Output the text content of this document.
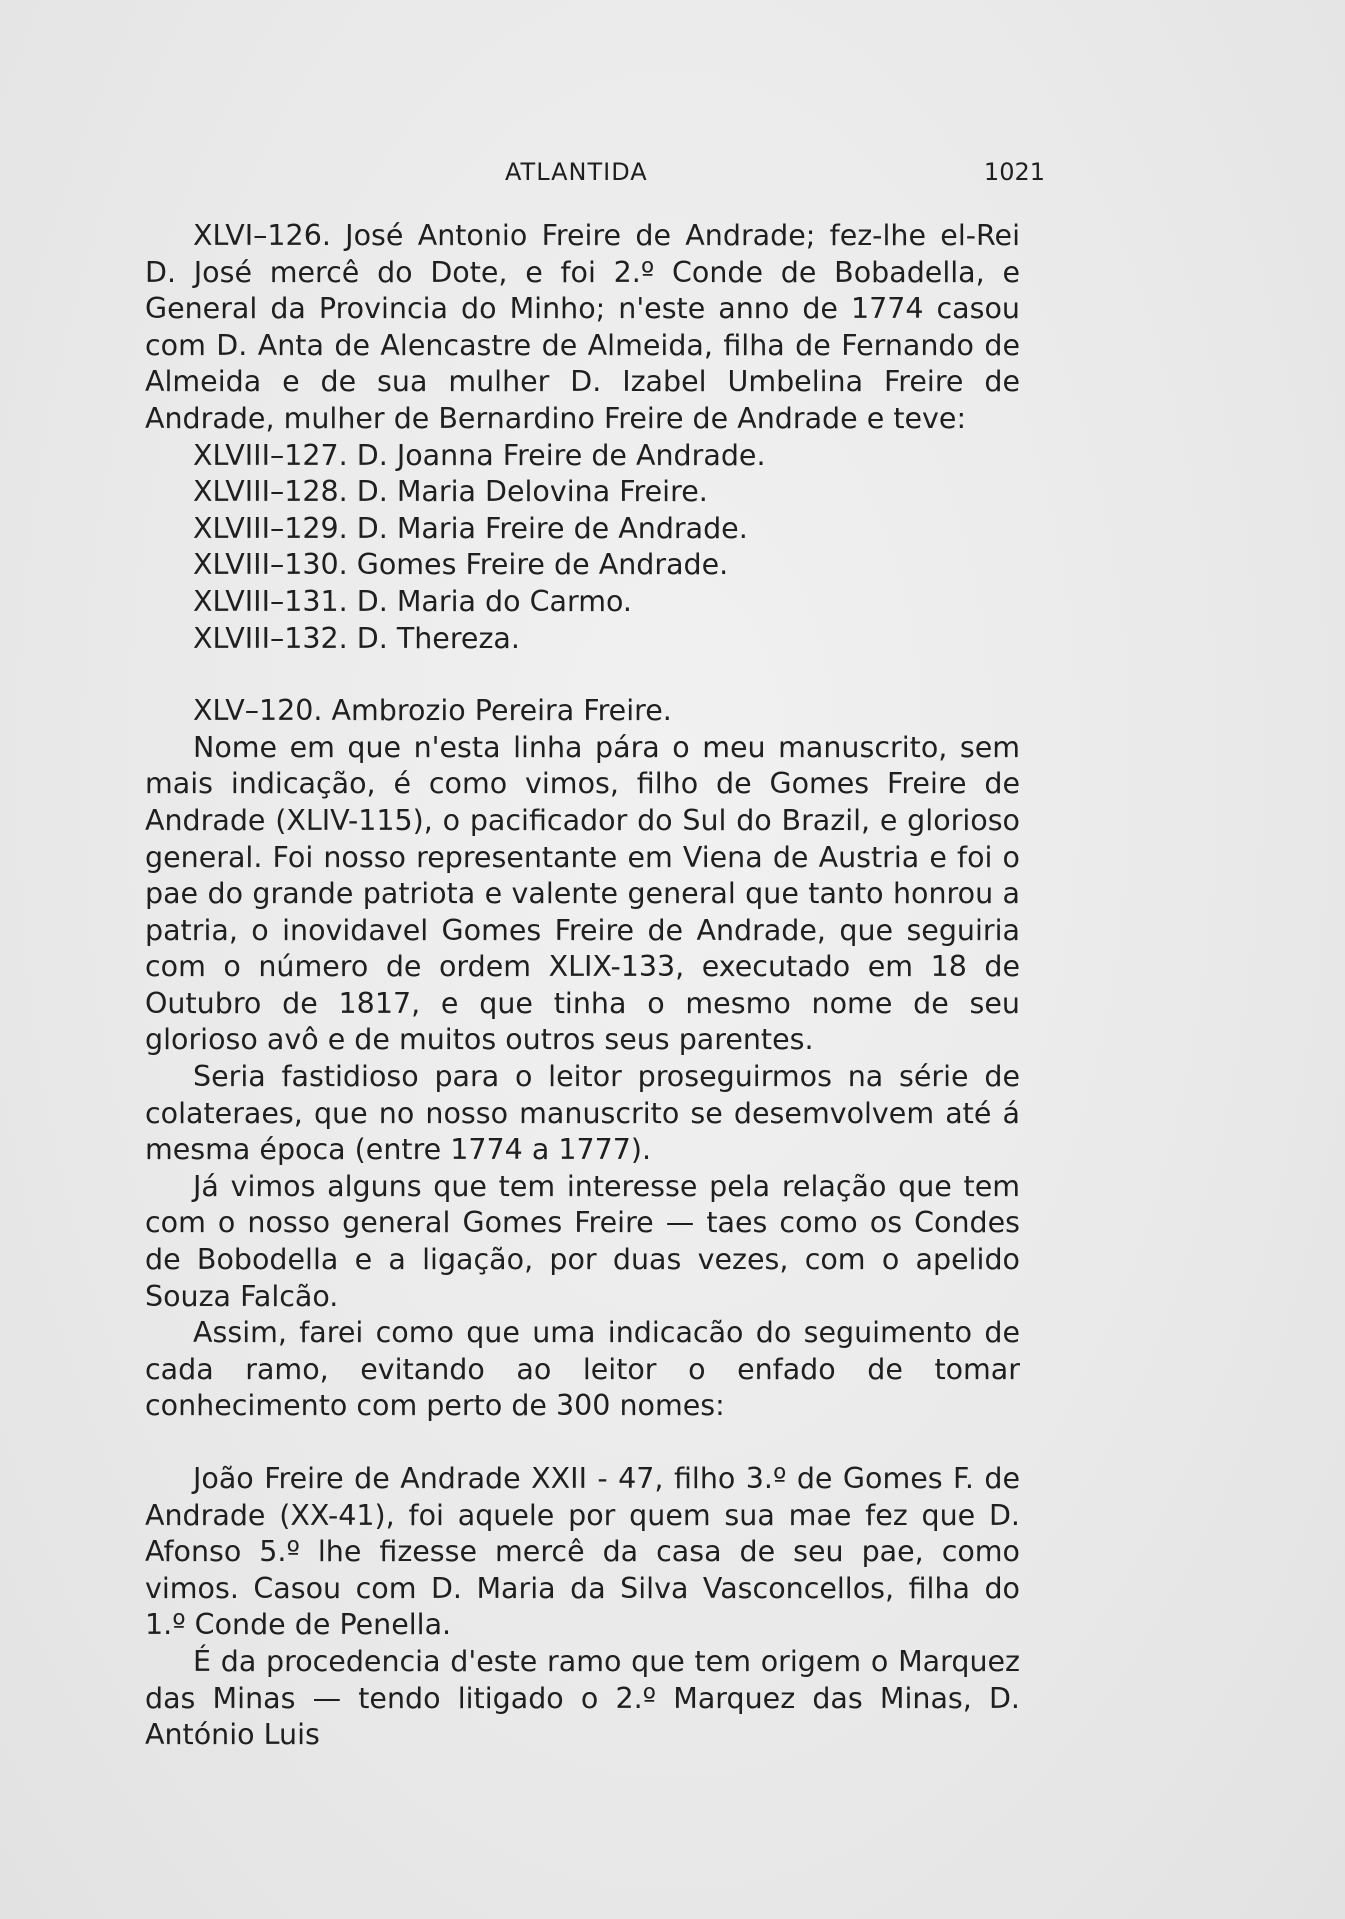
ATLANTIDA	1021

XLVI–126. José Antonio Freire de Andrade; fez-lhe el-Rei D. José mercê do Dote, e foi 2.º Conde de Bobadella, e General da Provincia do Minho; n'este anno de 1774 casou com D. Anta de Alencastre de Almeida, filha de Fernando de Almeida e de sua mulher D. Izabel Umbelina Freire de Andrade, mulher de Bernardino Freire de Andrade e teve:

XLVIII–127. D. Joanna Freire de Andrade.

XLVIII–128. D. Maria Delovina Freire.

XLVIII–129. D. Maria Freire de Andrade.

XLVIII–130. Gomes Freire de Andrade.

XLVIII–131. D. Maria do Carmo.

XLVIII–132. D. Thereza.

XLV–120. Ambrozio Pereira Freire.

Nome em que n'esta linha pára o meu manuscrito, sem mais indicação, é como vimos, filho de Gomes Freire de Andrade (XLIV-115), o pacificador do Sul do Brazil, e glorioso general. Foi nosso representante em Viena de Austria e foi o pae do grande patriota e valente general que tanto honrou a patria, o inovidavel Gomes Freire de Andrade, que seguiria com o número de ordem XLIX-133, executado em 18 de Outubro de 1817, e que tinha o mesmo nome de seu glorioso avô e de muitos outros seus parentes.

Seria fastidioso para o leitor proseguirmos na série de colateraes, que no nosso manuscrito se desemvolvem até á mesma época (entre 1774 a 1777).

Já vimos alguns que tem interesse pela relação que tem com o nosso general Gomes Freire — taes como os Condes de Bobodella e a ligação, por duas vezes, com o apelido Souza Falcão.

Assim, farei como que uma indicacão do seguimento de cada ramo, evitando ao leitor o enfado de tomar conhecimento com perto de 300 nomes:

João Freire de Andrade XXII - 47, filho 3.º de Gomes F. de Andrade (XX-41), foi aquele por quem sua mae fez que D. Afonso 5.º lhe fizesse mercê da casa de seu pae, como vimos. Casou com D. Maria da Silva Vasconcellos, filha do 1.º Conde de Penella.

É da procedencia d'este ramo que tem origem o Marquez das Minas — tendo litigado o 2.º Marquez das Minas, D. António Luis
